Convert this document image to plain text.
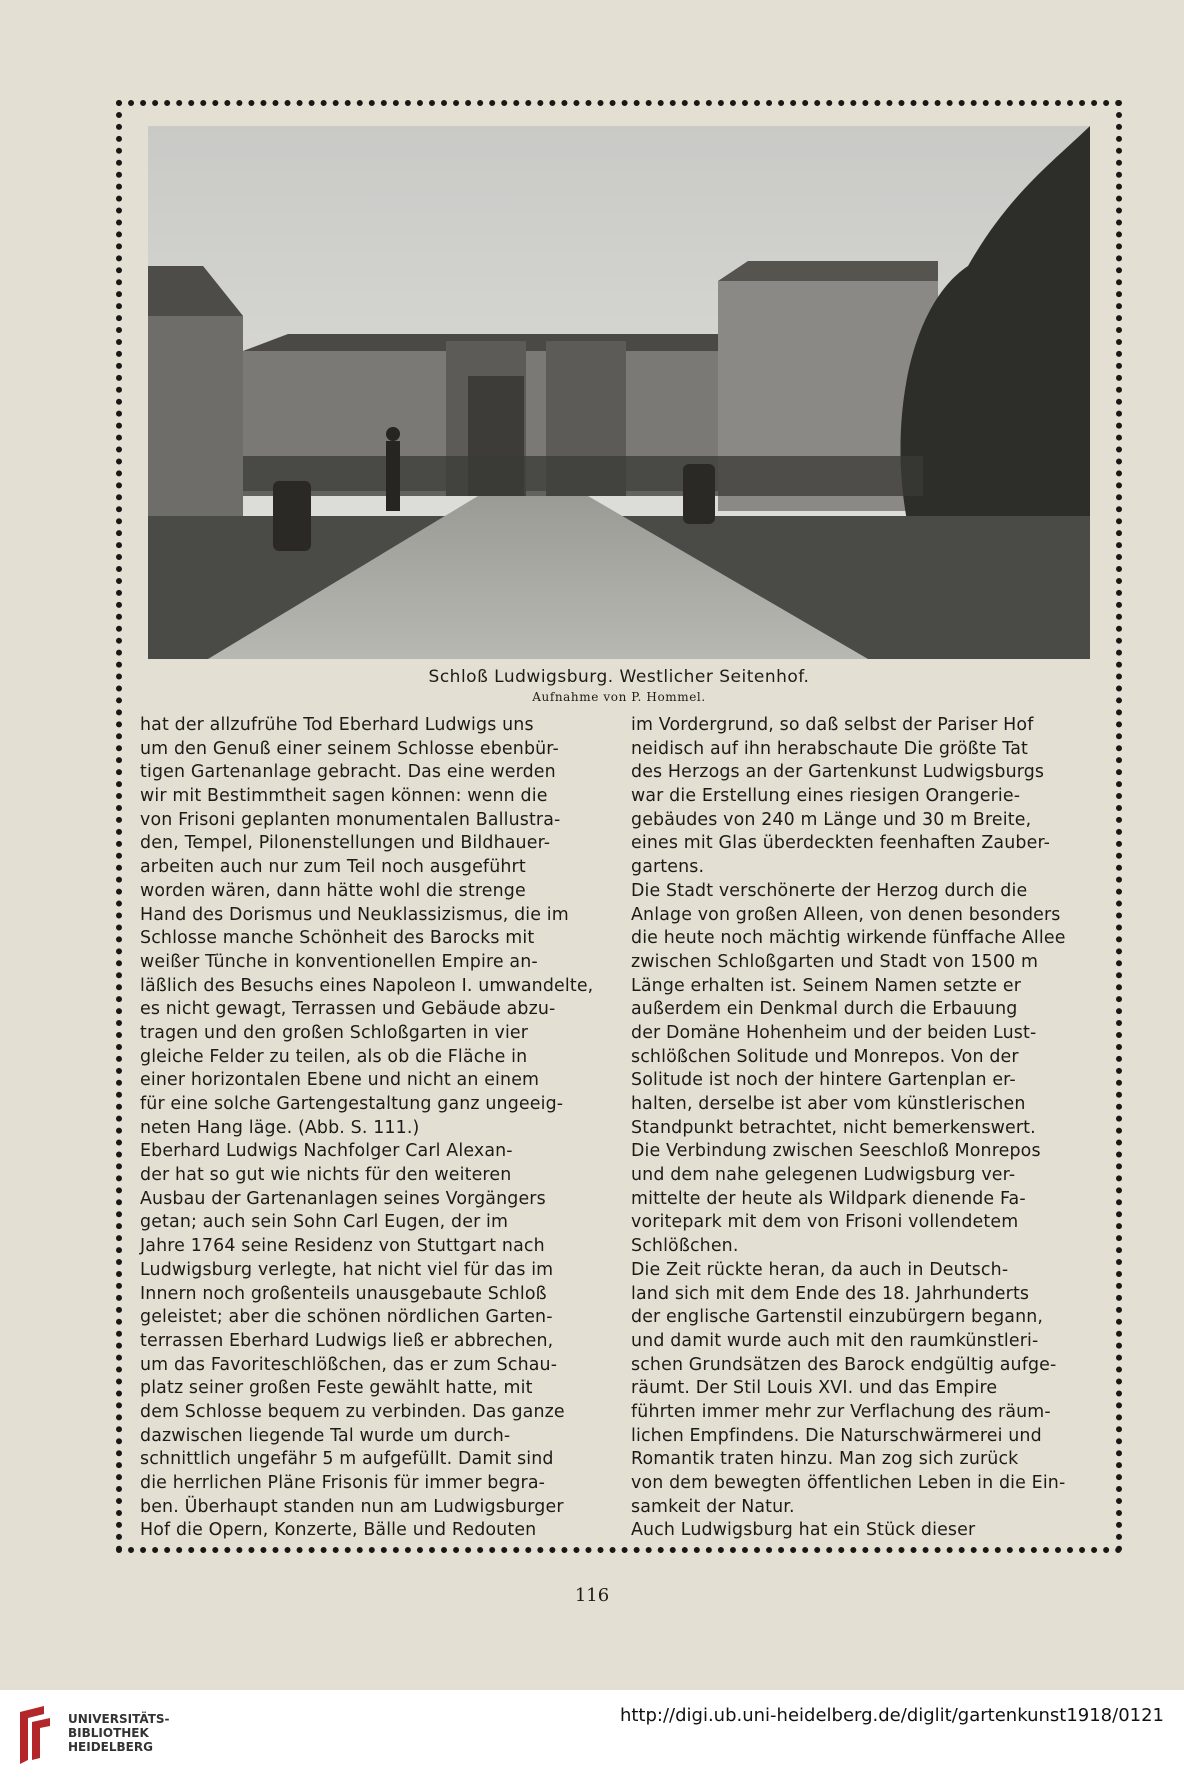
Schloß Ludwigsburg. Westlicher Seitenhof.
Aufnahme von P. Hommel.
hat der allzufrühe Tod Eberhard Ludwigs uns
um den Genuß einer seinem Schlosse ebenbür-
tigen Gartenanlage gebracht. Das eine werden
wir mit Bestimmtheit sagen können: wenn die
von Frisoni geplanten monumentalen Ballustra-
den, Tempel, Pilonenstellungen und Bildhauer-
arbeiten auch nur zum Teil noch ausgeführt
worden wären, dann hätte wohl die strenge
Hand des Dorismus und Neuklassizismus, die im
Schlosse manche Schönheit des Barocks mit
weißer Tünche in konventionellen Empire an-
läßlich des Besuchs eines Napoleon I. umwandelte,
es nicht gewagt, Terrassen und Gebäude abzu-
tragen und den großen Schloßgarten in vier
gleiche Felder zu teilen, als ob die Fläche in
einer horizontalen Ebene und nicht an einem
für eine solche Gartengestaltung ganz ungeeig-
neten Hang läge. (Abb. S. 111.)
Eberhard Ludwigs Nachfolger Carl Alexan-
der hat so gut wie nichts für den weiteren
Ausbau der Gartenanlagen seines Vorgängers
getan; auch sein Sohn Carl Eugen, der im
Jahre 1764 seine Residenz von Stuttgart nach
Ludwigsburg verlegte, hat nicht viel für das im
Innern noch großenteils unausgebaute Schloß
geleistet; aber die schönen nördlichen Garten-
terrassen Eberhard Ludwigs ließ er abbrechen,
um das Favoriteschlößchen, das er zum Schau-
platz seiner großen Feste gewählt hatte, mit
dem Schlosse bequem zu verbinden. Das ganze
dazwischen liegende Tal wurde um durch-
schnittlich ungefähr 5 m aufgefüllt. Damit sind
die herrlichen Pläne Frisonis für immer begra-
ben. Überhaupt standen nun am Ludwigsburger
Hof die Opern, Konzerte, Bälle und Redouten
im Vordergrund, so daß selbst der Pariser Hof
neidisch auf ihn herabschaute Die größte Tat
des Herzogs an der Gartenkunst Ludwigsburgs
war die Erstellung eines riesigen Orangerie-
gebäudes von 240 m Länge und 30 m Breite,
eines mit Glas überdeckten feenhaften Zauber-
gartens.
Die Stadt verschönerte der Herzog durch die
Anlage von großen Alleen, von denen besonders
die heute noch mächtig wirkende fünffache Allee
zwischen Schloßgarten und Stadt von 1500 m
Länge erhalten ist. Seinem Namen setzte er
außerdem ein Denkmal durch die Erbauung
der Domäne Hohenheim und der beiden Lust-
schlößchen Solitude und Monrepos. Von der
Solitude ist noch der hintere Gartenplan er-
halten, derselbe ist aber vom künstlerischen
Standpunkt betrachtet, nicht bemerkenswert.
Die Verbindung zwischen Seeschloß Monrepos
und dem nahe gelegenen Ludwigsburg ver-
mittelte der heute als Wildpark dienende Fa-
voritepark mit dem von Frisoni vollendetem
Schlößchen.
Die Zeit rückte heran, da auch in Deutsch-
land sich mit dem Ende des 18. Jahrhunderts
der englische Gartenstil einzubürgern begann,
und damit wurde auch mit den raumkünstleri-
schen Grundsätzen des Barock endgültig aufge-
räumt. Der Stil Louis XVI. und das Empire
führten immer mehr zur Verflachung des räum-
lichen Empfindens. Die Naturschwärmerei und
Romantik traten hinzu. Man zog sich zurück
von dem bewegten öffentlichen Leben in die Ein-
samkeit der Natur.
Auch Ludwigsburg hat ein Stück dieser
116
UNIVERSITÄTS-
BIBLIOTHEK
HEIDELBERG
http://digi.ub.uni-heidelberg.de/diglit/gartenkunst1918/0121
